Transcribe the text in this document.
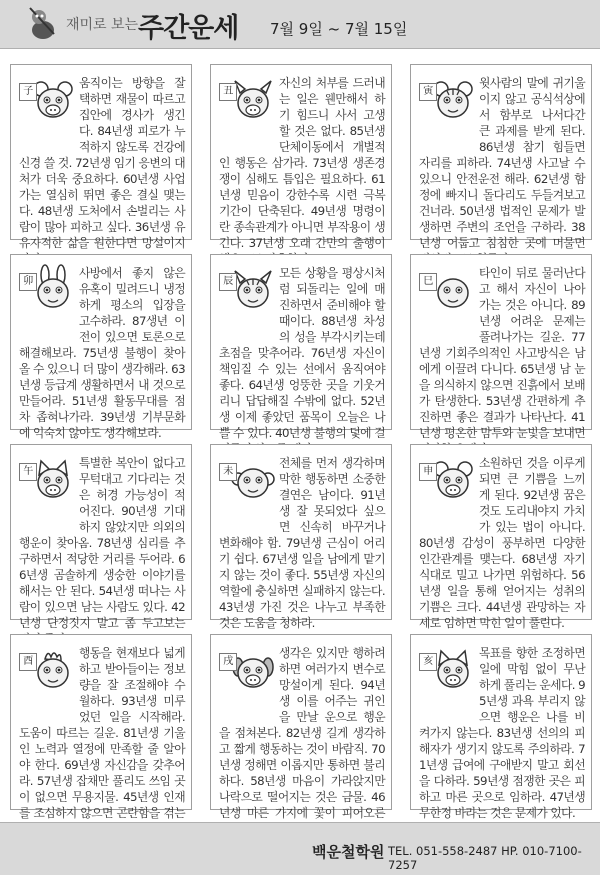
재미로 보는 주간운세 7월 9일 ~ 7월 15일

子
움직이는 방향을 잘 택하면 재물이 따르고 집안에 경사가 생긴다. 84년생 피로가 누적하지 않도록 건강에 신경 쓸 것. 72년생 임기 응변의 대처가 더욱 중요하다. 60년생 사업가는 열심히 뛰면 좋은 결실 맺는다. 48년생 도처에서 손벌리는 사람이 많아 피하고 싶다. 36년생 유유자적한 삶을 원한다면 망설이지

丑
자신의 처부를 드러내는 일은 웬만해서 하기 힘드니 사서 고생할 것은 없다. 85년생 단체이동에서 개별적인 행동은 삼가라. 73년생 생존경쟁이 심해도 틈입은 필요하다. 61년생 믿음이 강한수록 시련 극복 기간이 단축된다. 49년생 명령이란 종속관계가 아니면 부작용이 생긴다. 37년생 오래 간만의 출행이

寅
윗사람의 말에 귀기울이지 않고 공식석상에서 함부로 나서다간 큰 과제를 받게 된다. 86년생 참기 힘들면 자리를 피하라. 74년생 사고날 수 있으니 안전운전 해라. 62년생 함정에 빠지니 돌다리도 두들겨보고 건너라. 50년생 법적인 문제가 발생하면 주변의 조언을 구하라. 38년생 어둡고 침침한 곳에 머물면

卯
사방에서 좋지 않은 유혹이 밀려드니 냉정하게 평소의 입장을 고수하라. 87생년 이전이 있으면 토론으로 해결해보라. 75년생 불행이 찾아올 수 있으니 더 많이 생각해라. 63년생 등급계 생활하면서 내 것으로 만들어라. 51년생 활동무대를 점차 좁혀나가라. 39년생 기부문화에 익숙치 않아도 생각해보라.

辰
모든 상황을 평상시처럼 되돌리는 일에 매진하면서 준비해야 할 때이다. 88년생 차성의 성을 부각시키는데 초점을 맞추어라. 76년생 자신이 책임질 수 있는 선에서 움직여야 좋다. 64년생 엉뚱한 곳을 기웃거리니 답답해질 수밖에 없다. 52년생 이제 좋았던 품목이 오늘은 나쁠 수 있다. 40년생 불행의 덫에 걸

巳
타인이 뒤로 물러난다고 해서 자신이 나아가는 것은 아니다. 89년생 어려운 문제는 풀려나가는 길운. 77년생 기회주의적인 사고방식은 남에게 이끌려 다니다. 65년생 남 눈을 의식하지 않으면 진흙에서 보배가 탄생한다. 53년생 간편하게 추진하면 좋은 결과가 나타난다. 41년생 평온한 맘투와 눈빛을 보내면

午
특별한 복안이 없다고 무턱대고 기다리는 것은 허경 가능성이 적어진다. 90년생 기대하지 않았지만 의외의 행운이 찾아옴. 78년생 심리를 추구하면서 적당한 거리를 두어라. 66년생 곰솔하게 생숭한 이야기를 해서는 안 된다. 54년생 떠나는 사람이 있으면 남는 사람도 있다. 42년생 단정짓지 말고 좀 두고보는

未
전체를 먼저 생각하며 막한 행동하면 소중한 결연은 남이다. 91년생 잘 못되었다 싶으면 신속히 바꾸거나 변화해야 함. 79년생 근심이 어리기 쉽다. 67년생 일을 남에게 맡기지 않는 것이 좋다. 55년생 자신의 역할에 충실하면 실패하지 않는다. 43년생 가진 것은 나누고 부족한 것은 도움을 청하라.

申
소원하던 것을 이루게 되면 큰 기쁨을 느끼게 된다. 92년생 꿈은 것도 도리내야지 가치가 있는 법이 아니다. 80년생 감성이 풍부하면 다양한 인간관계를 맺는다. 68년생 자기식대로 밀고 나가면 위험하다. 56년생 일을 통해 얻어지는 성취의 기쁨은 크다. 44년생 관망하는 자세로 임하면 막힌 일이 풀린다.

酉
행동을 현재보다 넓게 하고 받아들이는 정보량을 잘 조절해야 수월하다. 93년생 미루었던 일을 시작해라. 도움이 따르는 길운. 81년생 기울인 노력과 열정에 만족할 줄 알아야 한다. 69년생 자신감을 갖추어라. 57년생 잡채만 풀리도 쓰임 곳이 없으면 무용지물. 45년생 인재를 조심하지 않으면 곤란함을 겪는

戌
생각은 있지만 행하려 하면 여러가지 변수로 망설이게 된다. 94년생 이를 어주는 귀인을 만날 운으로 행운을 점쳐본다. 82년생 길게 생각하고 짧게 행동하는 것이 바람직. 70년생 정해면 이롭지만 통하면 불리하다. 58년생 마음이 가라앉지만 나락으로 떨어지는 것은 금물. 46년생 마른 가지에 꽃이 피어오른

亥
목표를 향한 조정하면 일에 막힘 없이 무난하게 풀리는 운세다. 95년생 과욕 부리지 않으면 행운은 나를 비켜가지 않는다. 83년생 선의의 피해자가 생기지 않도록 주의하라. 71년생 급여에 구애받지 말고 회선을 다하라. 59년생 점쟁한 곳은 피하고 마른 곳으로 임하라. 47년생 무한정 바라는 것은 문제가 있다.

백운철학원 TEL. 051-558-2487 HP. 010-7100-7257
